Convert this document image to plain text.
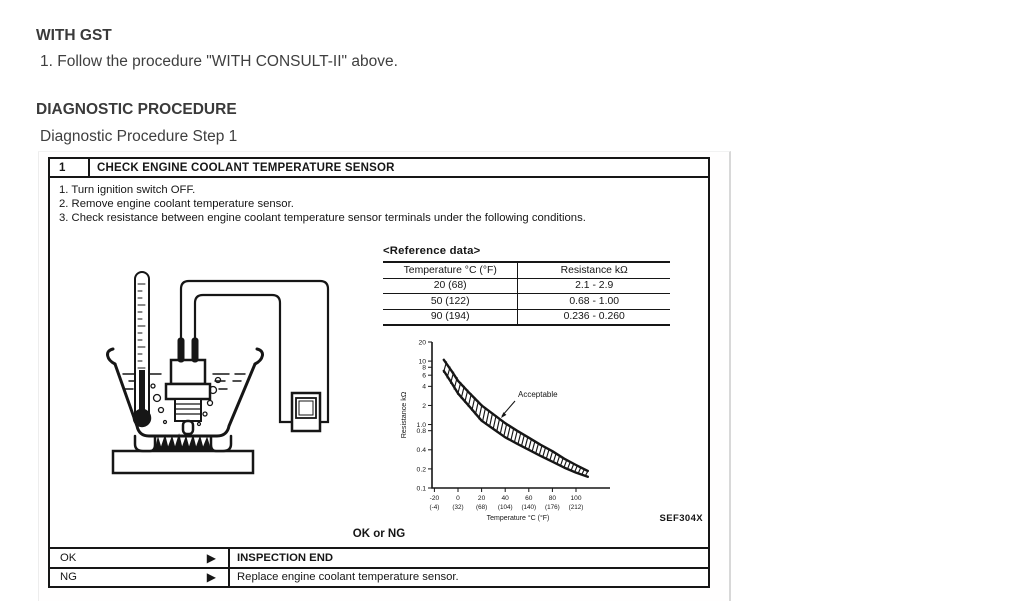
WITH GST
1. Follow the procedure "WITH CONSULT-II" above.
DIAGNOSTIC PROCEDURE
Diagnostic Procedure Step 1
1	CHECK ENGINE COOLANT TEMPERATURE SENSOR
1. Turn ignition switch OFF.
2. Remove engine coolant temperature sensor.
3. Check resistance between engine coolant temperature sensor terminals under the following conditions.
<Reference data>
Temperature °C (°F)	Resistance kΩ
20 (68)	2.1 - 2.9
50 (122)	0.68 - 1.00
90 (194)	0.236 - 0.260
20
10
8
6
4
2
1.0
0.8
0.4
0.2
0.1
-20
(-4)
0
(32)
20
(68)
40
(104)
60
(140)
80
(176)
100
(212)
Temperature °C (°F)
Resistance kΩ	Acceptable
SEF304X
OK or NG
OK	▶	INSPECTION END
NG	▶	Replace engine coolant temperature sensor.
